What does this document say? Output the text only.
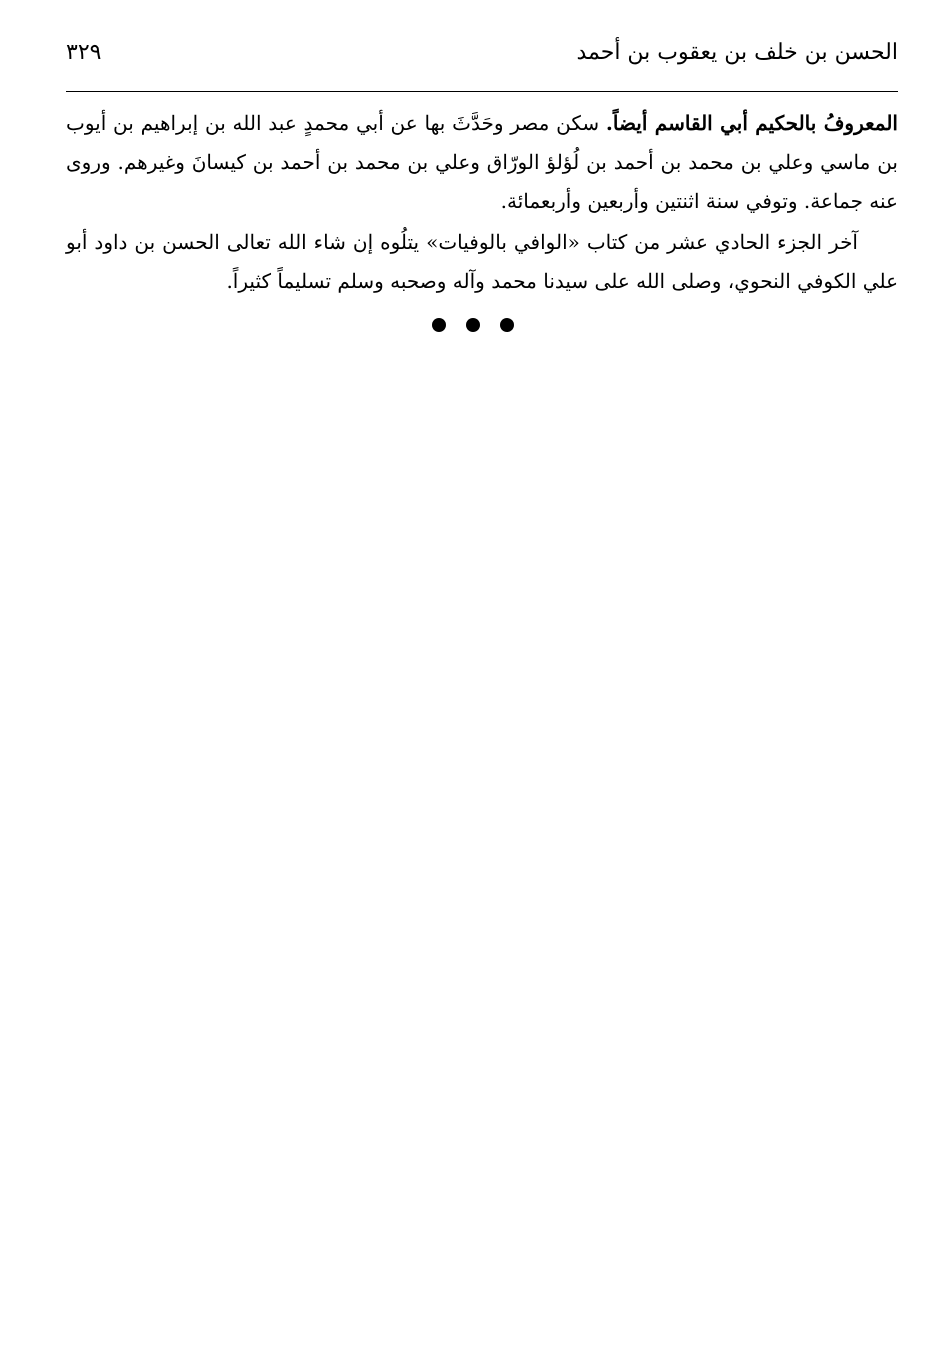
٣٢٩	الحسن بن خلف بن يعقوب بن أحمد

المعروفُ بالحكيم أبي القاسم أيضاً. سكن مصر وحَدَّثَ بها عن أبي محمدٍ عبد الله بن إبراهيم بن أيوب بن ماسي وعلي بن محمد بن أحمد بن لُؤلؤ الورّاق وعلي بن محمد بن أحمد بن كيسانَ وغيرهم. وروى عنه جماعة. وتوفي سنة اثنتين وأربعين وأربعمائة.

آخر الجزء الحادي عشر من كتاب «الوافي بالوفيات» يتلُوه إن شاء الله تعالى الحسن بن داود أبو علي الكوفي النحوي، وصلى الله على سيدنا محمد وآله وصحبه وسلم تسليماً كثيراً.
